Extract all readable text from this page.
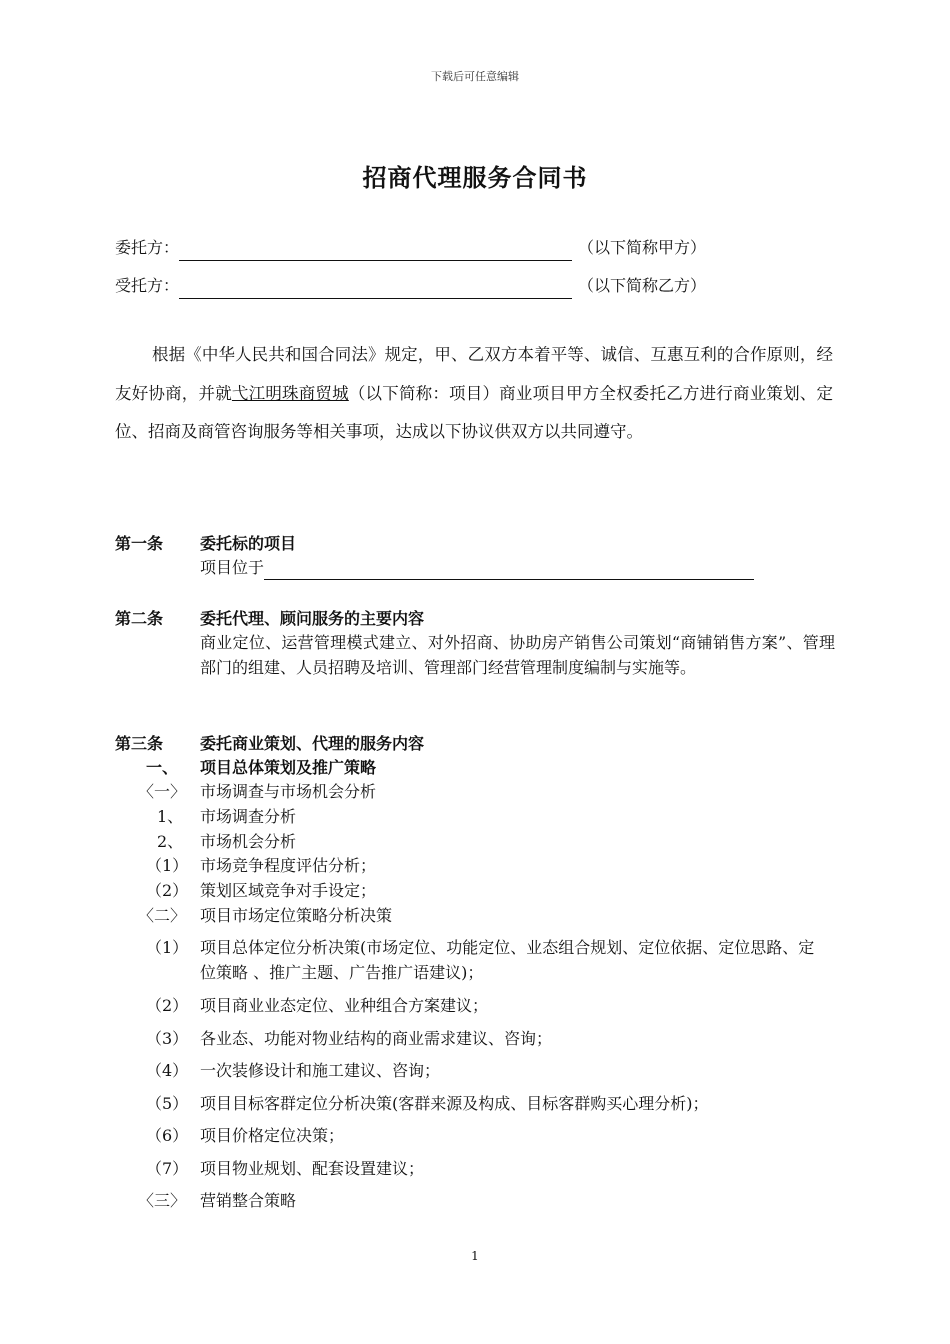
下载后可任意编辑
招商代理服务合同书
委托方：	（以下简称甲方）
受托方：	（以下简称乙方）
根据《中华人民共和国合同法》规定，甲、乙双方本着平等、诚信、互惠互利的合作原则，经友好协商，并就弋江明珠商贸城（以下简称：项目）商业项目甲方全权委托乙方进行商业策划、定位、招商及商管咨询服务等相关事项，达成以下协议供双方以共同遵守。
第一条 委托标的项目
项目位于
第二条 委托代理、顾问服务的主要内容
商业定位、运营管理模式建立、对外招商、协助房产销售公司策划“商铺销售方案”、管理部门的组建、人员招聘及培训、管理部门经营管理制度编制与实施等。
第三条 委托商业策划、代理的服务内容
一、 项目总体策划及推广策略
〈一〉 市场调查与市场机会分析
1、 市场调查分析
2、 市场机会分析
（1） 市场竞争程度评估分析；
（2） 策划区域竞争对手设定；
〈二〉 项目市场定位策略分析决策
（1） 项目总体定位分析决策(市场定位、功能定位、业态组合规划、定位依据、定位思路、定位策略 、推广主题、广告推广语建议)；
（2） 项目商业业态定位、业种组合方案建议；
（3） 各业态、功能对物业结构的商业需求建议、咨询；
（4） 一次装修设计和施工建议、咨询；
（5） 项目目标客群定位分析决策(客群来源及构成、目标客群购买心理分析)；
（6） 项目价格定位决策；
（7） 项目物业规划、配套设置建议；
〈三〉 营销整合策略
1
